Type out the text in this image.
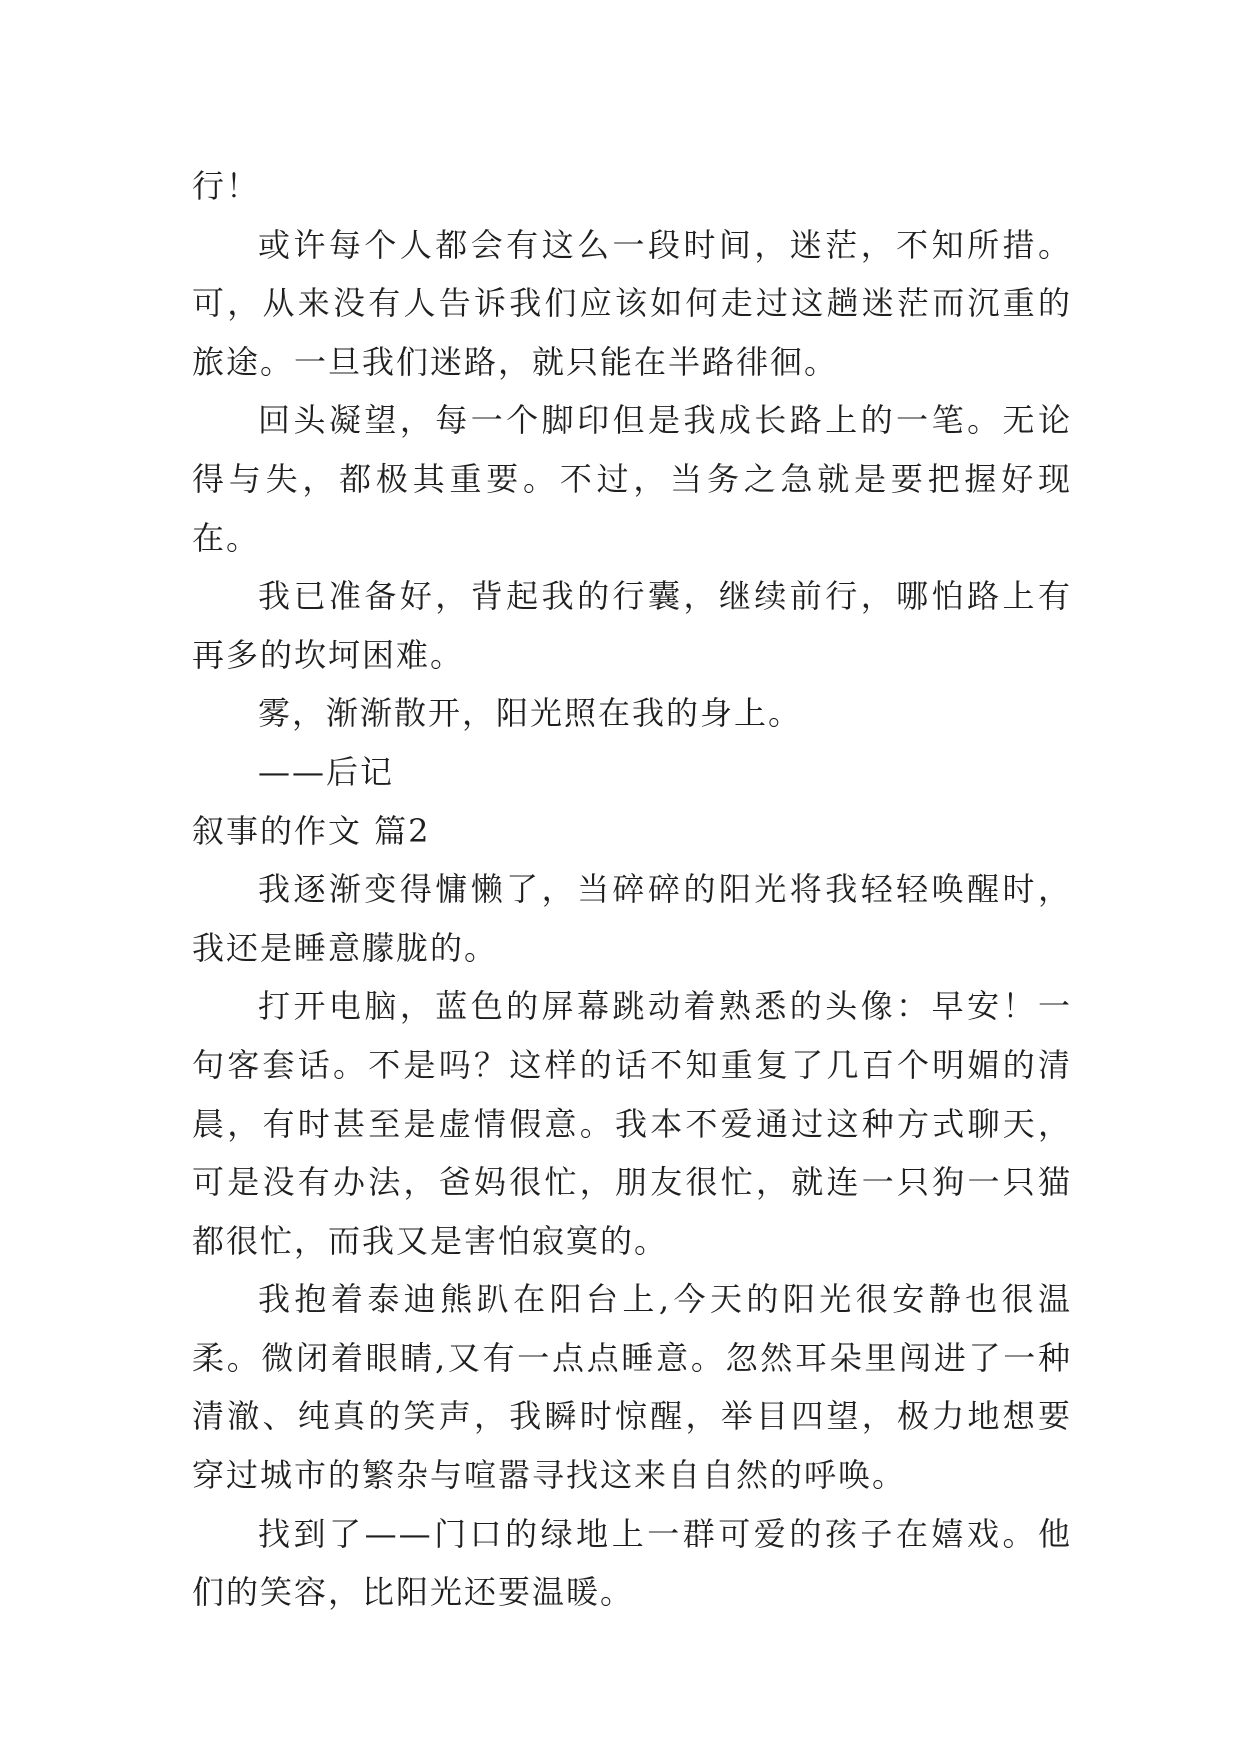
行！

或许每个人都会有这么一段时间，迷茫，不知所措。可，从来没有人告诉我们应该如何走过这趟迷茫而沉重的旅途。一旦我们迷路，就只能在半路徘徊。

回头凝望，每一个脚印但是我成长路上的一笔。无论得与失，都极其重要。不过，当务之急就是要把握好现在。

我已准备好，背起我的行囊，继续前行，哪怕路上有再多的坎坷困难。

雾，渐渐散开，阳光照在我的身上。

——后记

叙事的作文 篇2

我逐渐变得慵懒了，当碎碎的阳光将我轻轻唤醒时，我还是睡意朦胧的。

打开电脑，蓝色的屏幕跳动着熟悉的头像：早安！一句客套话。不是吗？这样的话不知重复了几百个明媚的清晨，有时甚至是虚情假意。我本不爱通过这种方式聊天，可是没有办法，爸妈很忙，朋友很忙，就连一只狗一只猫都很忙，而我又是害怕寂寞的。

我抱着泰迪熊趴在阳台上,今天的阳光很安静也很温柔。微闭着眼睛,又有一点点睡意。忽然耳朵里闯进了一种清澈、纯真的笑声，我瞬时惊醒，举目四望，极力地想要穿过城市的繁杂与喧嚣寻找这来自自然的呼唤。

找到了——门口的绿地上一群可爱的孩子在嬉戏。他们的笑容，比阳光还要温暖。
